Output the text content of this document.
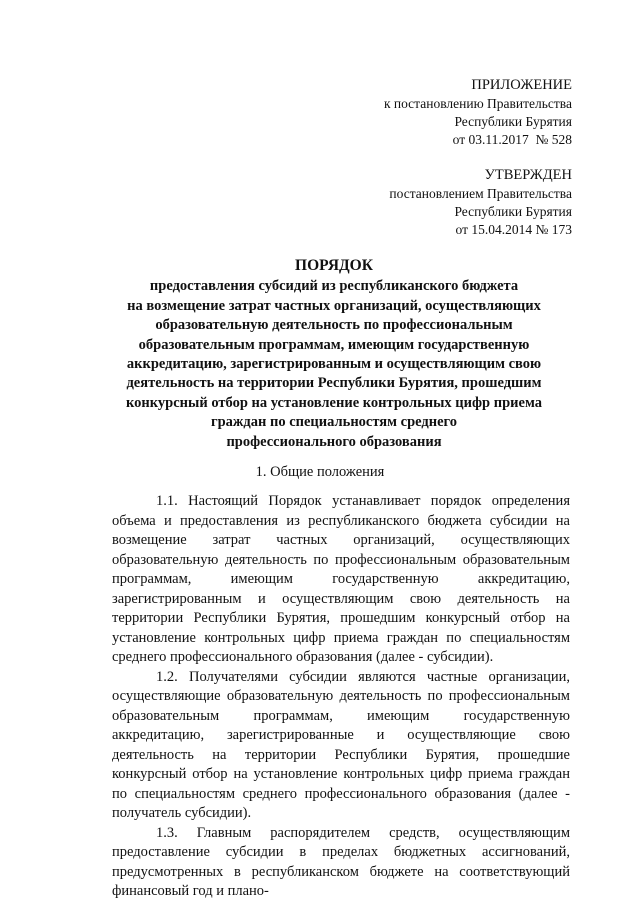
ПРИЛОЖЕНИЕ
к постановлению Правительства
Республики Бурятия
от 03.11.2017  № 528
УТВЕРЖДЕН
постановлением Правительства
Республики Бурятия
от 15.04.2014 № 173
ПОРЯДОК
предоставления субсидий из республиканского бюджета
на возмещение затрат частных организаций, осуществляющих
образовательную деятельность по профессиональным
образовательным программам, имеющим государственную
аккредитацию, зарегистрированным и осуществляющим свою
деятельность на территории Республики Бурятия, прошедшим
конкурсный отбор на установление контрольных цифр приема
граждан по специальностям среднего
профессионального образования
1. Общие положения

1.1. Настоящий Порядок устанавливает порядок определения объема и предоставления из республиканского бюджета субсидии на возмещение затрат частных организаций, осуществляющих образовательную деятельность по профессиональным образовательным программам, имеющим государственную аккредитацию, зарегистрированным и осуществляющим свою деятельность на территории Республики Бурятия, прошедшим конкурсный отбор на установление контрольных цифр приема граждан по специальностям среднего профессионального образования (далее - субсидии).

1.2. Получателями субсидии являются частные организации, осуществляющие образовательную деятельность по профессиональным образовательным программам, имеющим государственную аккредитацию, зарегистрированные и осуществляющие свою деятельность на территории Республики Бурятия, прошедшие конкурсный отбор на установление контрольных цифр приема граждан по специальностям среднего профессионального образования (далее - получатель субсидии).

1.3. Главным распорядителем средств, осуществляющим предоставление субсидии в пределах бюджетных ассигнований, предусмотренных в республиканском бюджете на соответствующий финансовый год и плано-
